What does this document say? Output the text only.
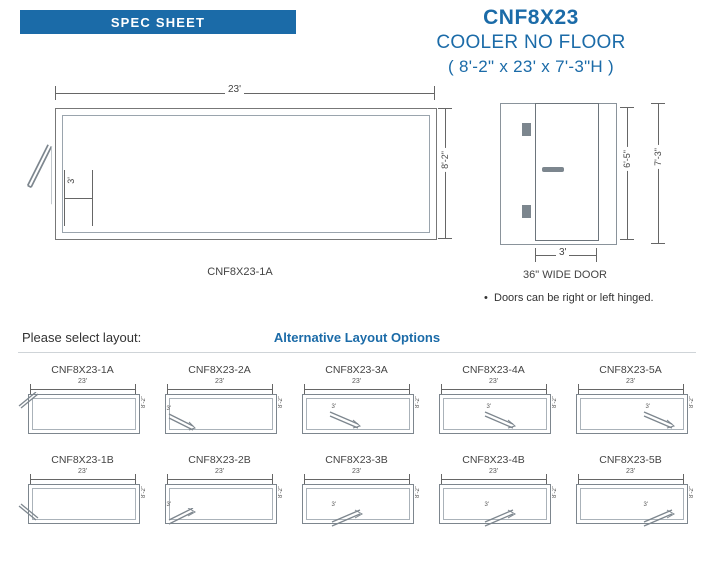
SPEC SHEET	CNF8X23
COOLER NO FLOOR
( 8'-2" x 23' x 7'-3"H )
23'
3'
8'-2"
CNF8X23-1A
3'
6'-5" 7'-3"
36" WIDE DOOR
• Doors can be right or left hinged.
Please select layout:	Alternative Layout Options
CNF8X23-1A
23'
8'-2"
CNF8X23-2A
23'
8'-2"
3'
CNF8X23-3A
23'
8'-2"
3'
CNF8X23-4A
23'
8'-2"
3'
CNF8X23-5A
23'
8'-2"
3'
CNF8X23-1B
23'
8'-2"
CNF8X23-2B
23'
8'-2"
3'
CNF8X23-3B
23'
8'-2"
3'
CNF8X23-4B
23'
8'-2"
3'
CNF8X23-5B
23'
8'-2"
3'
